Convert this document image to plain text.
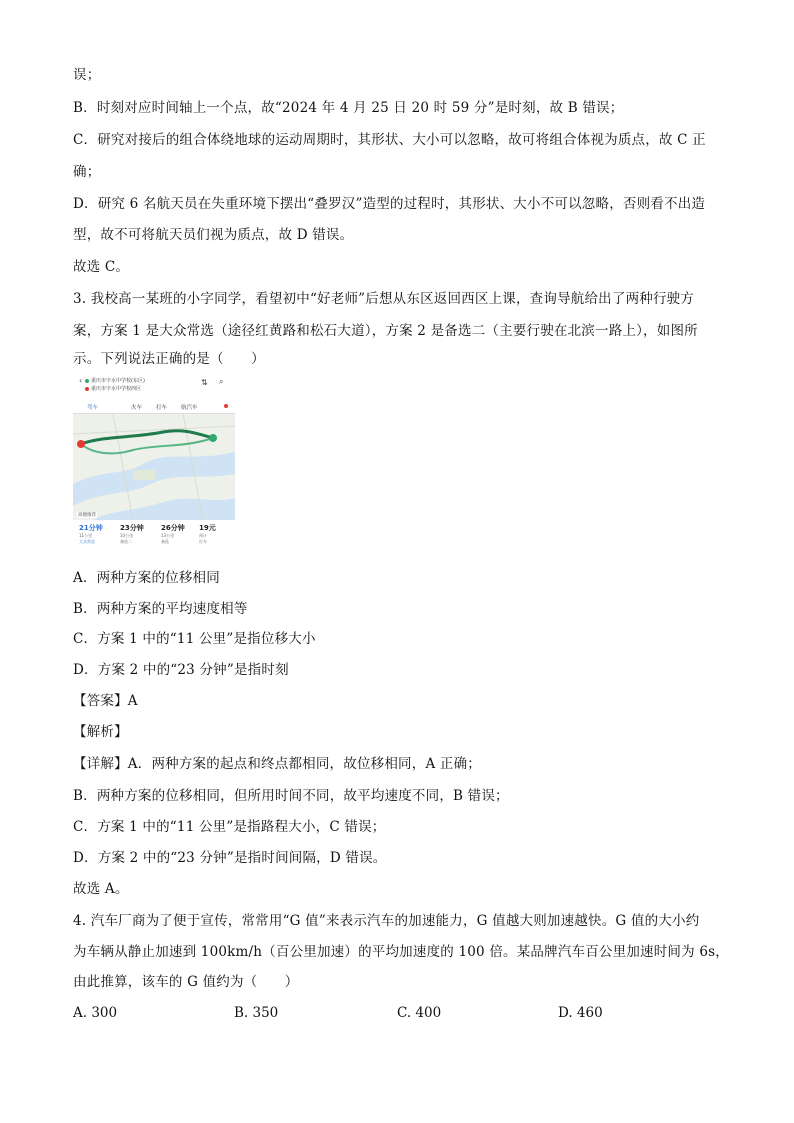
误；
B．时刻对应时间轴上一个点，故“2024 年 4 月 25 日 20 时 59 分”是时刻，故 B 错误；
C．研究对接后的组合体绕地球的运动周期时，其形状、大小可以忽略，故可将组合体视为质点，故 C 正
确；
D．研究 6 名航天员在失重环境下摆出“叠罗汉”造型的过程时，其形状、大小不可以忽略，否则看不出造
型，故不可将航天员们视为质点，故 D 错误。
故选 C。
3. 我校高一某班的小字同学，看望初中“好老师”后想从东区返回西区上课，查询导航给出了两种行驶方
案，方案 1 是大众常选（途径红黄路和松石大道），方案 2 是备选二（主要行驶在北滨一路上），如图所
示。下列说法正确的是（　　）
‹ 重庆市字水中学校(东区)
重庆市字水中学校西区
⇅ ⌕
驾车	火车	打车	航汽车
21分钟
11公里
大众常选
23分钟
10公里
备选二
26分钟
13公里
备选
19元
预计
打车
高德推荐
A．两种方案的位移相同
B．两种方案的平均速度相等
C．方案 1 中的“11 公里”是指位移大小
D．方案 2 中的“23 分钟”是指时刻
【答案】A
【解析】
【详解】A．两种方案的起点和终点都相同，故位移相同，A 正确；
B．两种方案的位移相同，但所用时间不同，故平均速度不同，B 错误；
C．方案 1 中的“11 公里”是指路程大小，C 错误；
D．方案 2 中的“23 分钟”是指时间间隔，D 错误。
故选 A。
4. 汽车厂商为了便于宣传，常常用“G 值”来表示汽车的加速能力，G 值越大则加速越快。G 值的大小约
为车辆从静止加速到 100km/h（百公里加速）的平均加速度的 100 倍。某品牌汽车百公里加速时间为 6s，
由此推算，该车的 G 值约为（　　）
A. 300	B. 350	C. 400	D. 460
